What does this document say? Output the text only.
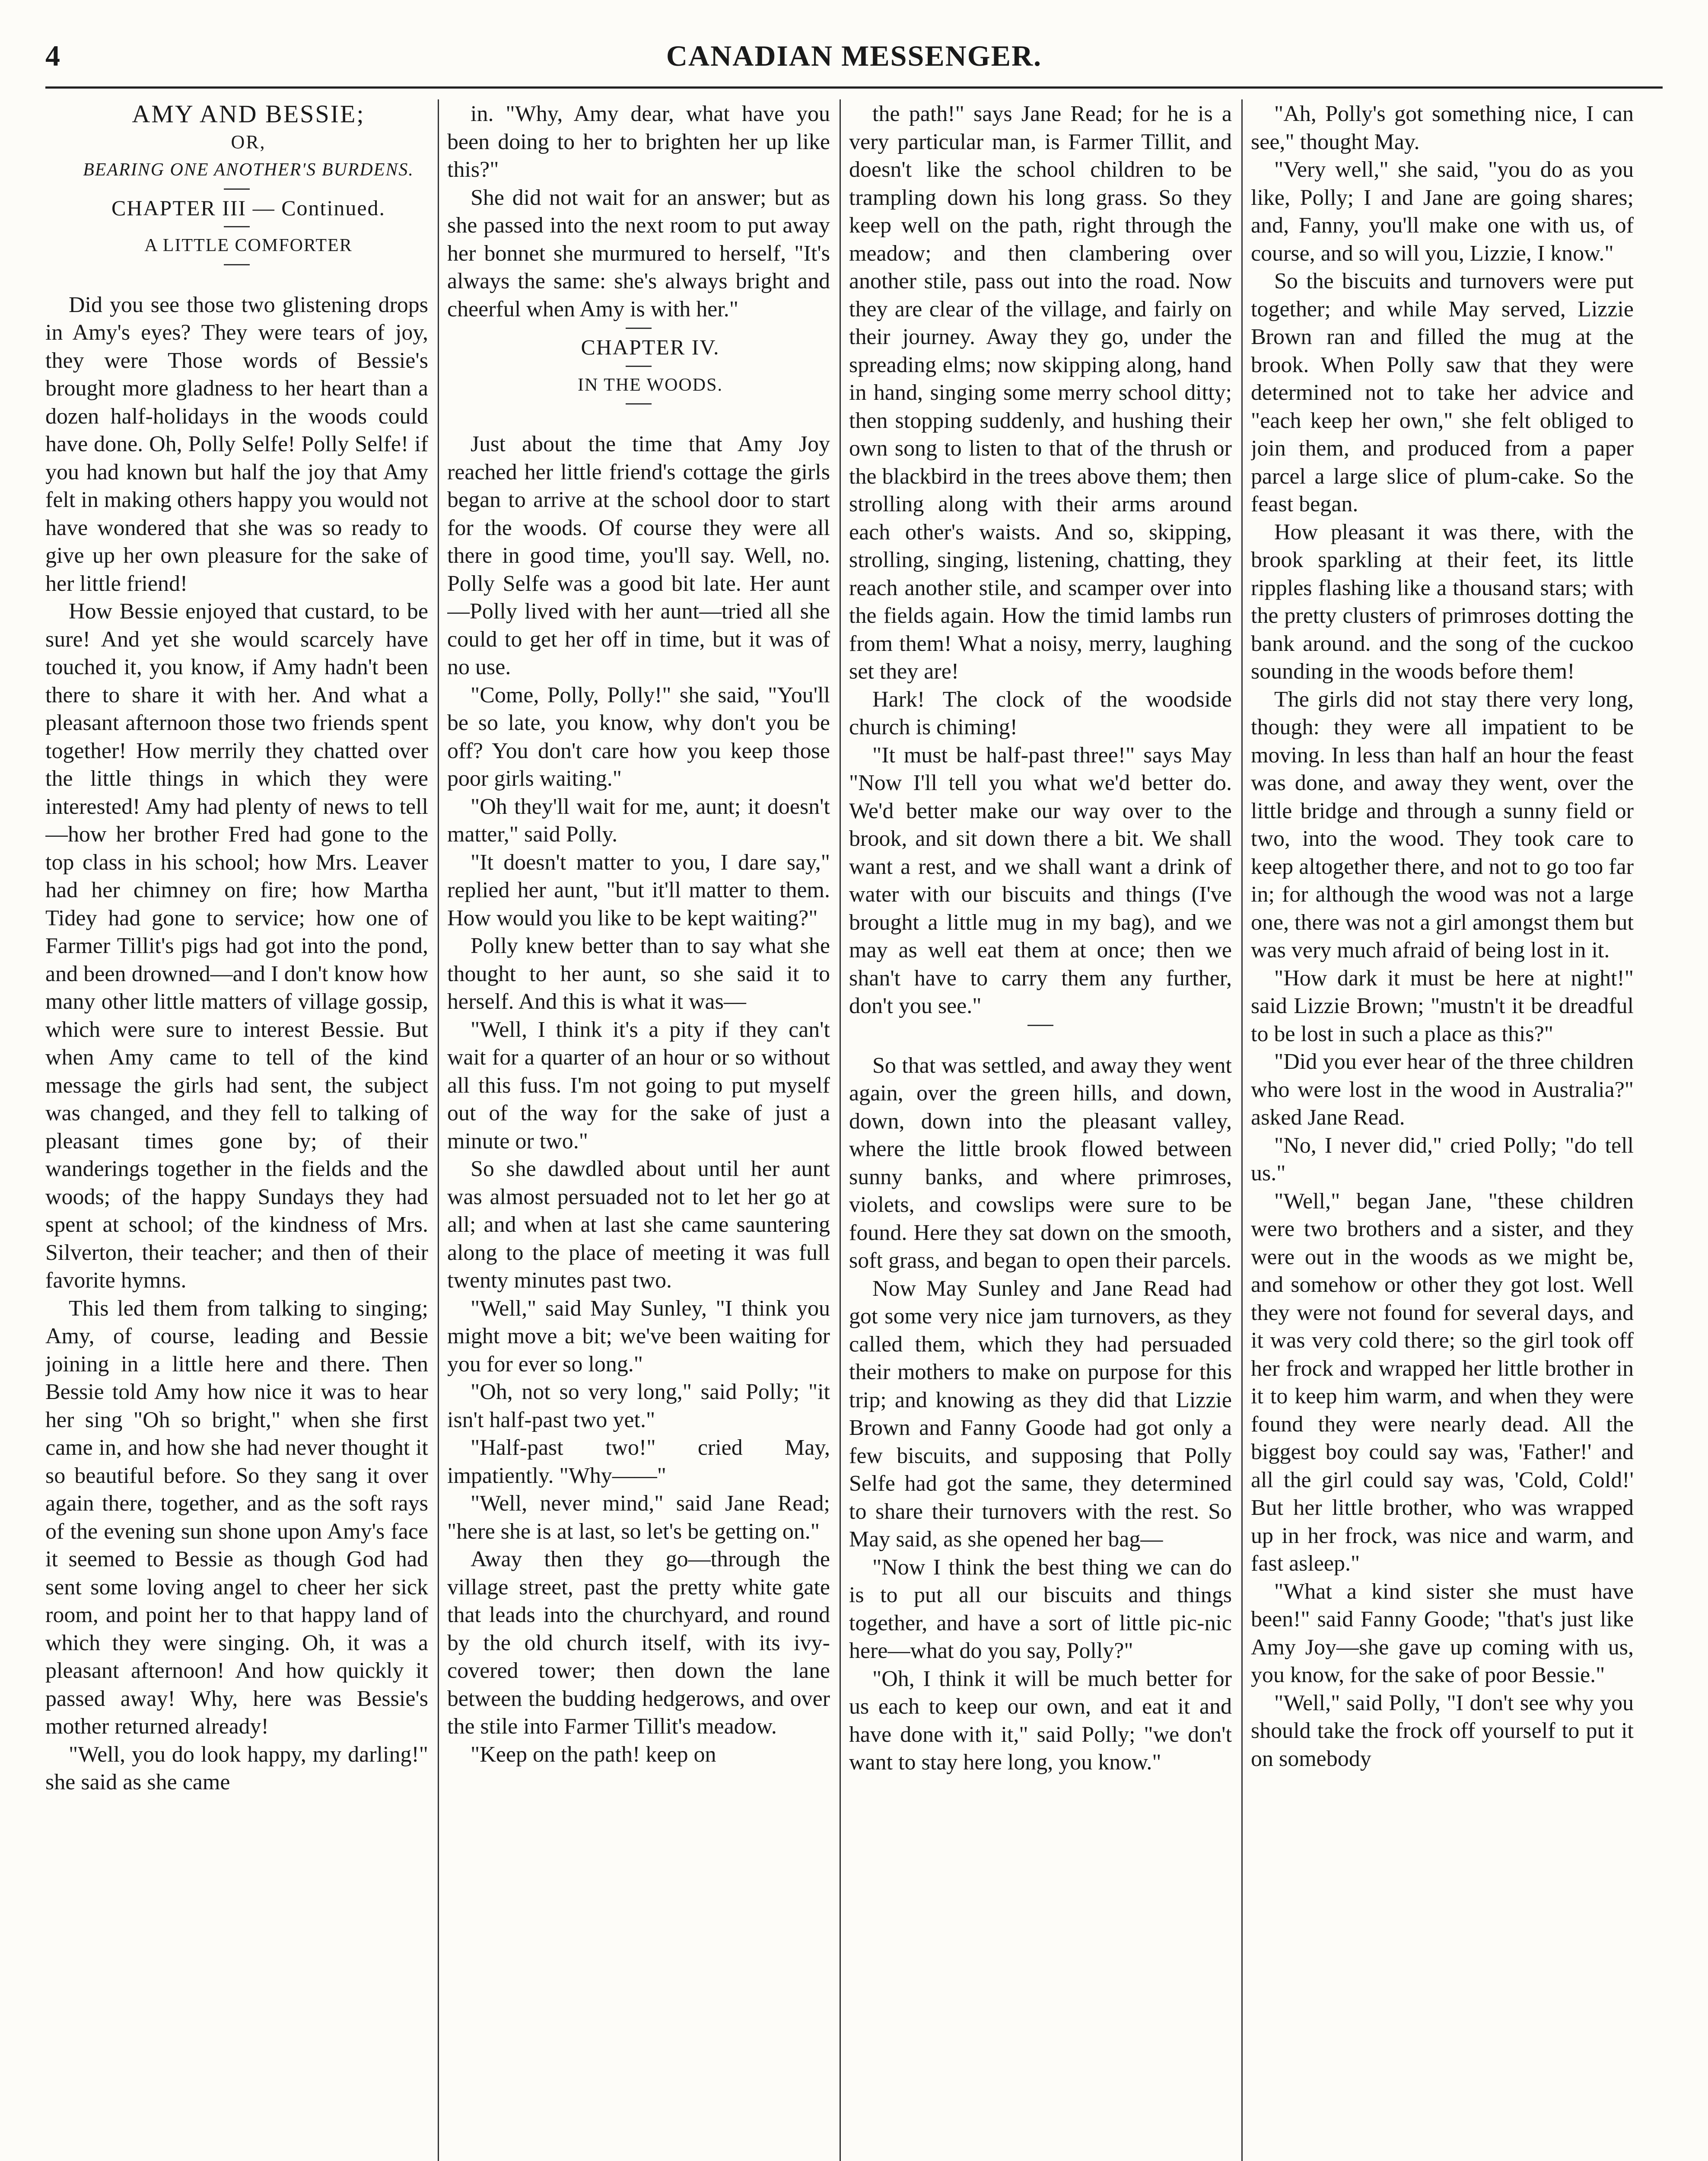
4	CANADIAN MESSENGER.

AMY AND BESSIE;

OR,

BEARING ONE ANOTHER'S BURDENS.

CHAPTER III — Continued.

A LITTLE COMFORTER

Did you see those two glistening drops in Amy's eyes? They were tears of joy, they were Those words of Bessie's brought more gladness to her heart than a dozen half-holidays in the woods could have done. Oh, Polly Selfe! Polly Selfe! if you had known but half the joy that Amy felt in making others happy you would not have wondered that she was so ready to give up her own pleasure for the sake of her little friend!

How Bessie enjoyed that custard, to be sure! And yet she would scarcely have touched it, you know, if Amy hadn't been there to share it with her. And what a pleasant afternoon those two friends spent together! How merrily they chatted over the little things in which they were interested! Amy had plenty of news to tell—how her brother Fred had gone to the top class in his school; how Mrs. Leaver had her chimney on fire; how Martha Tidey had gone to service; how one of Farmer Tillit's pigs had got into the pond, and been drowned—and I don't know how many other little matters of village gossip, which were sure to interest Bessie. But when Amy came to tell of the kind message the girls had sent, the subject was changed, and they fell to talking of pleasant times gone by; of their wanderings together in the fields and the woods; of the happy Sundays they had spent at school; of the kindness of Mrs. Silverton, their teacher; and then of their favorite hymns.

This led them from talking to singing; Amy, of course, leading and Bessie joining in a little here and there. Then Bessie told Amy how nice it was to hear her sing "Oh so bright," when she first came in, and how she had never thought it so beautiful before. So they sang it over again there, together, and as the soft rays of the evening sun shone upon Amy's face it seemed to Bessie as though God had sent some loving angel to cheer her sick room, and point her to that happy land of which they were singing. Oh, it was a pleasant afternoon! And how quickly it passed away! Why, here was Bessie's mother returned already!

"Well, you do look happy, my darling!" she said as she came

in. "Why, Amy dear, what have you been doing to her to brighten her up like this?"

She did not wait for an answer; but as she passed into the next room to put away her bonnet she murmured to herself, "It's always the same: she's always bright and cheerful when Amy is with her."

CHAPTER IV.

IN THE WOODS.

Just about the time that Amy Joy reached her little friend's cottage the girls began to arrive at the school door to start for the woods. Of course they were all there in good time, you'll say. Well, no. Polly Selfe was a good bit late. Her aunt—Polly lived with her aunt—tried all she could to get her off in time, but it was of no use.

"Come, Polly, Polly!" she said, "You'll be so late, you know, why don't you be off? You don't care how you keep those poor girls waiting."

"Oh they'll wait for me, aunt; it doesn't matter," said Polly.

"It doesn't matter to you, I dare say," replied her aunt, "but it'll matter to them. How would you like to be kept waiting?"

Polly knew better than to say what she thought to her aunt, so she said it to herself. And this is what it was—

"Well, I think it's a pity if they can't wait for a quarter of an hour or so without all this fuss. I'm not going to put myself out of the way for the sake of just a minute or two."

So she dawdled about until her aunt was almost persuaded not to let her go at all; and when at last she came sauntering along to the place of meeting it was full twenty minutes past two.

"Well," said May Sunley, "I think you might move a bit; we've been waiting for you for ever so long."

"Oh, not so very long," said Polly; "it isn't half-past two yet."

"Half-past two!" cried May, impatiently. "Why——"

"Well, never mind," said Jane Read; "here she is at last, so let's be getting on."

Away then they go—through the village street, past the pretty white gate that leads into the churchyard, and round by the old church itself, with its ivy-covered tower; then down the lane between the budding hedgerows, and over the stile into Farmer Tillit's meadow.

"Keep on the path! keep on

the path!" says Jane Read; for he is a very particular man, is Farmer Tillit, and doesn't like the school children to be trampling down his long grass. So they keep well on the path, right through the meadow; and then clambering over another stile, pass out into the road. Now they are clear of the village, and fairly on their journey. Away they go, under the spreading elms; now skipping along, hand in hand, singing some merry school ditty; then stopping suddenly, and hushing their own song to listen to that of the thrush or the blackbird in the trees above them; then strolling along with their arms around each other's waists. And so, skipping, strolling, singing, listening, chatting, they reach another stile, and scamper over into the fields again. How the timid lambs run from them! What a noisy, merry, laughing set they are!

Hark! The clock of the woodside church is chiming!

"It must be half-past three!" says May "Now I'll tell you what we'd better do. We'd better make our way over to the brook, and sit down there a bit. We shall want a rest, and we shall want a drink of water with our biscuits and things (I've brought a little mug in my bag), and we may as well eat them at once; then we shan't have to carry them any further, don't you see."

So that was settled, and away they went again, over the green hills, and down, down, down into the pleasant valley, where the little brook flowed between sunny banks, and where primroses, violets, and cowslips were sure to be found. Here they sat down on the smooth, soft grass, and began to open their parcels.

Now May Sunley and Jane Read had got some very nice jam turnovers, as they called them, which they had persuaded their mothers to make on purpose for this trip; and knowing as they did that Lizzie Brown and Fanny Goode had got only a few biscuits, and supposing that Polly Selfe had got the same, they determined to share their turnovers with the rest. So May said, as she opened her bag—

"Now I think the best thing we can do is to put all our biscuits and things together, and have a sort of little pic-nic here—what do you say, Polly?"

"Oh, I think it will be much better for us each to keep our own, and eat it and have done with it," said Polly; "we don't want to stay here long, you know."

"Ah, Polly's got something nice, I can see," thought May.

"Very well," she said, "you do as you like, Polly; I and Jane are going shares; and, Fanny, you'll make one with us, of course, and so will you, Lizzie, I know."

So the biscuits and turnovers were put together; and while May served, Lizzie Brown ran and filled the mug at the brook. When Polly saw that they were determined not to take her advice and "each keep her own," she felt obliged to join them, and produced from a paper parcel a large slice of plum-cake. So the feast began.

How pleasant it was there, with the brook sparkling at their feet, its little ripples flashing like a thousand stars; with the pretty clusters of primroses dotting the bank around. and the song of the cuckoo sounding in the woods before them!

The girls did not stay there very long, though: they were all impatient to be moving. In less than half an hour the feast was done, and away they went, over the little bridge and through a sunny field or two, into the wood. They took care to keep altogether there, and not to go too far in; for although the wood was not a large one, there was not a girl amongst them but was very much afraid of being lost in it.

"How dark it must be here at night!" said Lizzie Brown; "mustn't it be dreadful to be lost in such a place as this?"

"Did you ever hear of the three children who were lost in the wood in Australia?" asked Jane Read.

"No, I never did," cried Polly; "do tell us."

"Well," began Jane, "these children were two brothers and a sister, and they were out in the woods as we might be, and somehow or other they got lost. Well they were not found for several days, and it was very cold there; so the girl took off her frock and wrapped her little brother in it to keep him warm, and when they were found they were nearly dead. All the biggest boy could say was, 'Father!' and all the girl could say was, 'Cold, Cold!' But her little brother, who was wrapped up in her frock, was nice and warm, and fast asleep."

"What a kind sister she must have been!" said Fanny Goode; "that's just like Amy Joy—she gave up coming with us, you know, for the sake of poor Bessie."

"Well," said Polly, "I don't see why you should take the frock off yourself to put it on somebody
